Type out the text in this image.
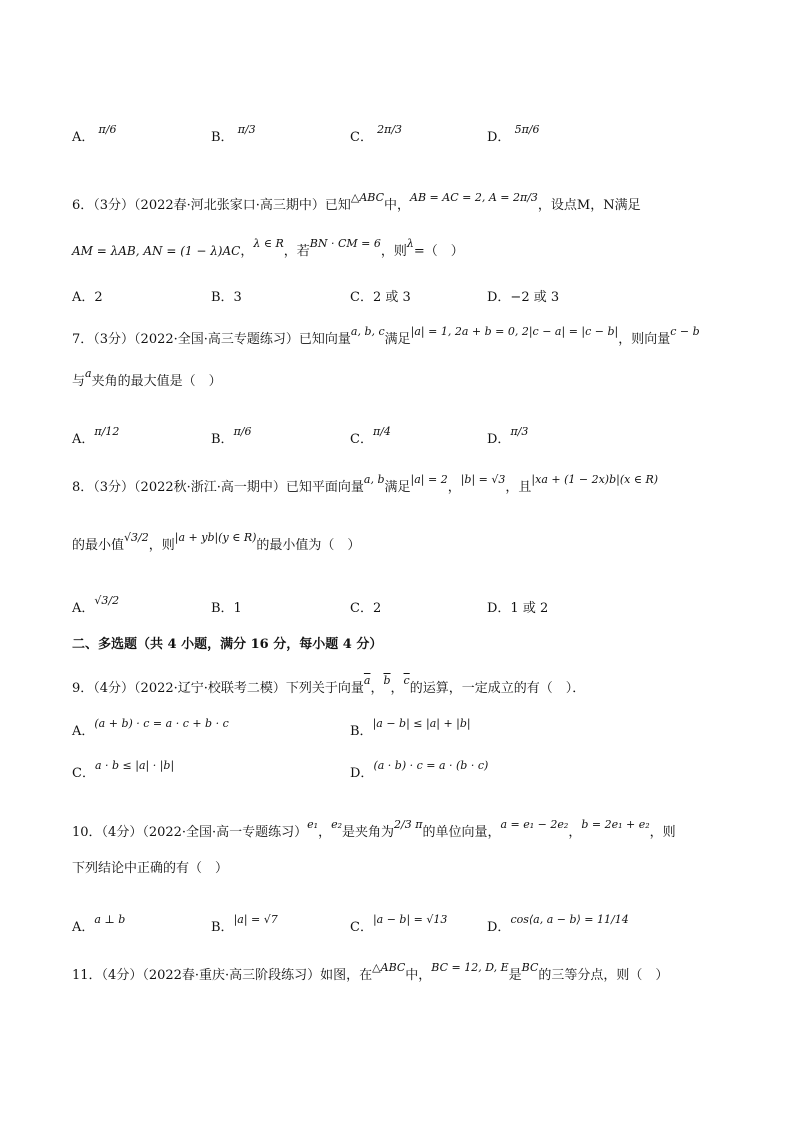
A． $^{\pi/6}$
B． $^{\pi/3}$
C． $^{2\pi/3}$
D． $^{5\pi/6}$
6．（3分）（2022春·河北张家口·高三期中）已知$^{\triangle ABC}$中，$^{AB = AC = 2, A = 2\pi/3}$，设点M，N满足
AM = λAB, AN = (1 − λ)AC，$^{\lambda \in R}$，若$^{BN \cdot CM = 6}$，则$^\lambda$=（　）
A．2	B．3	C．2 或 3	D．−2 或 3
7．（3分）（2022·全国·高三专题练习）已知向量$^{a, b, c}$满足$^{|a| = 1, 2a + b = 0, 2|c - a| = |c - b|}$，则向量$^{c - b}$
与$^a$夹角的最大值是（　）
A．$^{\pi/12}$
B．$^{\pi/6}$
C．$^{\pi/4}$
D．$^{\pi/3}$
8．（3分）（2022秋·浙江·高一期中）已知平面向量$^{a, b}$满足$^{|a| = 2}$，$^{|b| = √3}$，且$^{|xa + (1 - 2x)b|(x \in R)}$
的最小值$^{√3/2}$，则$^{|a + yb|(y \in R)}$的最小值为（　）
A．$^{√3/2}$
B．1	C．2	D．1 或 2
二、多选题（共 4 小题，满分 16 分，每小题 4 分）
9．（4分）（2022·辽宁·校联考二模）下列关于向量$^{\overline{a}}$，$^{\overline{b}}$，$^{\overline{c}}$的运算，一定成立的有（　）．
A．$^{(a + b) \cdot c = a \cdot c + b \cdot c}$
B．$^{|a - b| \le |a| + |b|}$
C．$^{a \cdot b \le |a| \cdot |b|}$
D．$^{(a \cdot b) \cdot c = a \cdot (b \cdot c)}$
10．（4分）（2022·全国·高一专题练习）$^{e_1}$，$^{e_2}$是夹角为$^{2/3 \pi}$的单位向量，$^{a = e_1 - 2e_2}$，$^{b = 2e_1 + e_2}$，则
下列结论中正确的有（　）
A．$^{a \perp b}$
B．$^{|a| = √7}$
C．$^{|a - b| = √13}$
D．$^{cos⟨a, a - b⟩ = 11/14}$
11．（4分）（2022春·重庆·高三阶段练习）如图，在$^{\triangle ABC}$中，$^{BC = 12, D, E}$是$^{BC}$的三等分点，则（　）
